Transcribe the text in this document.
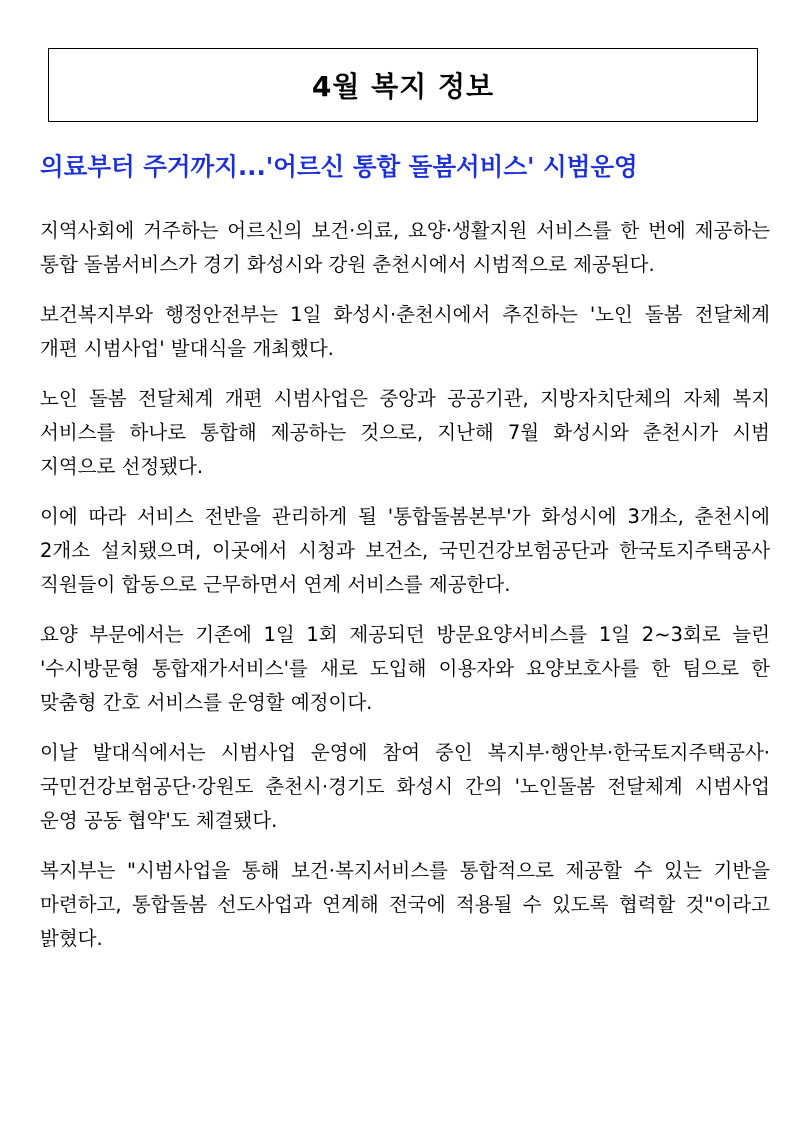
4월 복지 정보
의료부터 주거까지...'어르신 통합 돌봄서비스' 시범운영

지역사회에 거주하는 어르신의 보건·의료, 요양·생활지원 서비스를 한 번에 제공하는 통합 돌봄서비스가 경기 화성시와 강원 춘천시에서 시범적으로 제공된다.

보건복지부와 행정안전부는 1일 화성시·춘천시에서 추진하는 '노인 돌봄 전달체계 개편 시범사업' 발대식을 개최했다.

노인 돌봄 전달체계 개편 시범사업은 중앙과 공공기관, 지방자치단체의 자체 복지 서비스를 하나로 통합해 제공하는 것으로, 지난해 7월 화성시와 춘천시가 시범 지역으로 선정됐다.

이에 따라 서비스 전반을 관리하게 될 '통합돌봄본부'가 화성시에 3개소, 춘천시에 2개소 설치됐으며, 이곳에서 시청과 보건소, 국민건강보험공단과 한국토지주택공사 직원들이 합동으로 근무하면서 연계 서비스를 제공한다.

요양 부문에서는 기존에 1일 1회 제공되던 방문요양서비스를 1일 2~3회로 늘린 '수시방문형 통합재가서비스'를 새로 도입해 이용자와 요양보호사를 한 팀으로 한 맞춤형 간호 서비스를 운영할 예정이다.

이날 발대식에서는 시범사업 운영에 참여 중인 복지부·행안부·한국토지주택공사·국민건강보험공단·강원도 춘천시·경기도 화성시 간의 '노인돌봄 전달체계 시범사업 운영 공동 협약'도 체결됐다.

복지부는 "시범사업을 통해 보건·복지서비스를 통합적으로 제공할 수 있는 기반을 마련하고, 통합돌봄 선도사업과 연계해 전국에 적용될 수 있도록 협력할 것"이라고 밝혔다.
